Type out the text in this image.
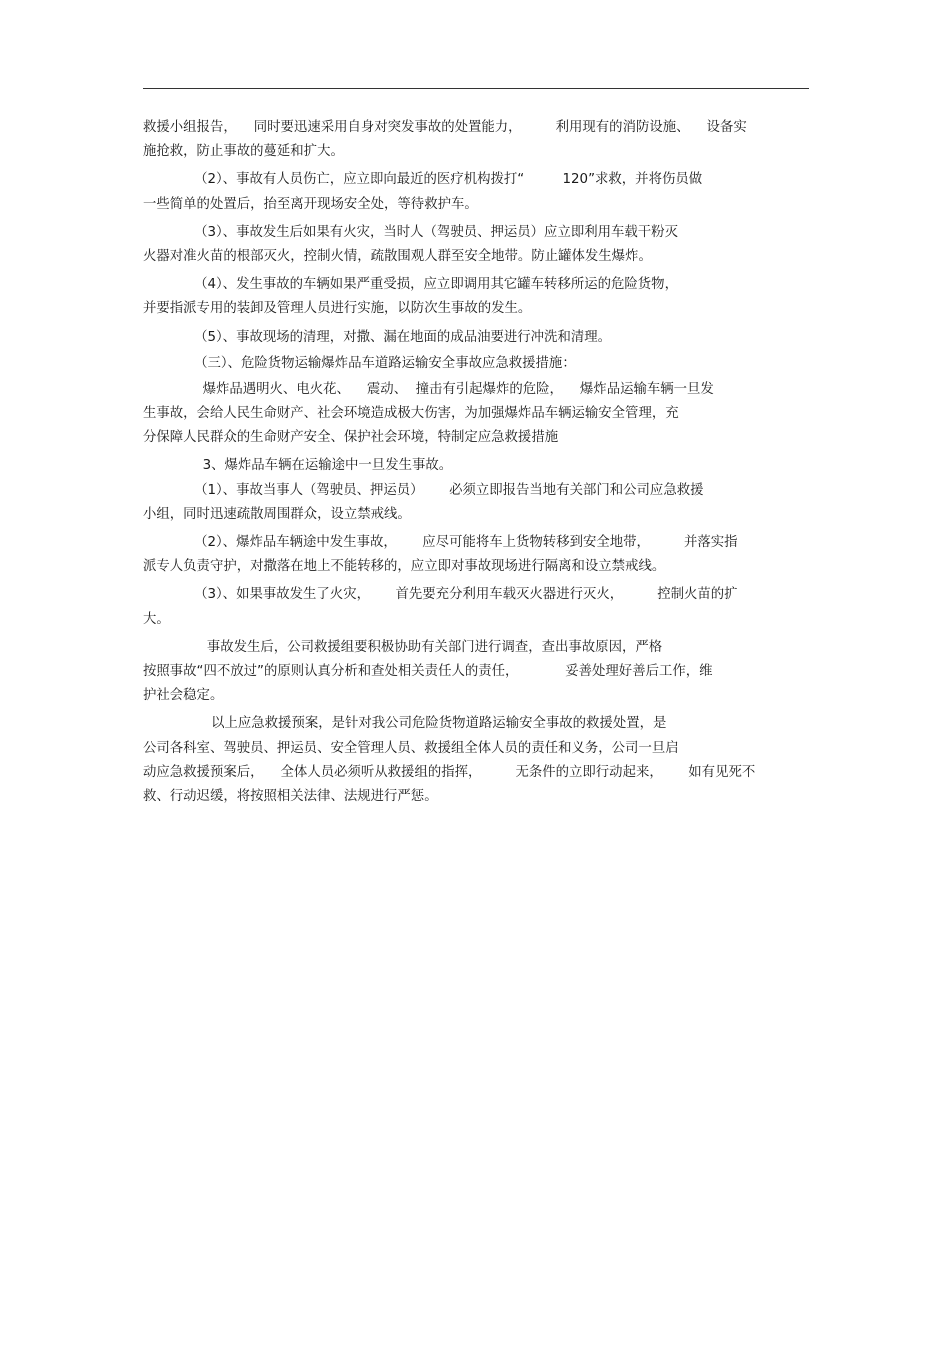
救援小组报告，    同时要迅速采用自身对突发事故的处置能力，        利用现有的消防设施、    设备实
施抢救，防止事故的蔓延和扩大。
（2）、事故有人员伤亡，应立即向最近的医疗机构拨打“         120”求救，并将伤员做
一些简单的处置后，抬至离开现场安全处，等待救护车。
（3）、事故发生后如果有火灾，当时人（驾驶员、押运员）应立即利用车载干粉灭
火器对准火苗的根部灭火，控制火情，疏散围观人群至安全地带。防止罐体发生爆炸。
（4）、发生事故的车辆如果严重受损，应立即调用其它罐车转移所运的危险货物，
并要指派专用的装卸及管理人员进行实施，以防次生事故的发生。
（5）、事故现场的清理，对撒、漏在地面的成品油要进行冲洗和清理。
（三）、危险货物运输爆炸品车道路运输安全事故应急救援措施：
爆炸品遇明火、电火花、    震动、  撞击有引起爆炸的危险，    爆炸品运输车辆一旦发
生事故，会给人民生命财产、社会环境造成极大伤害，为加强爆炸品车辆运输安全管理，充
分保障人民群众的生命财产安全、保护社会环境，特制定应急救援措施
3、爆炸品车辆在运输途中一旦发生事故。
（1）、事故当事人（驾驶员、押运员）      必须立即报告当地有关部门和公司应急救援
小组，同时迅速疏散周围群众，设立禁戒线。
（2）、爆炸品车辆途中发生事故，      应尽可能将车上货物转移到安全地带，        并落实指
派专人负责守护，对撒落在地上不能转移的，应立即对事故现场进行隔离和设立禁戒线。
（3）、如果事故发生了火灾，      首先要充分利用车载灭火器进行灭火，        控制火苗的扩
大。
事故发生后，公司救援组要积极协助有关部门进行调查，查出事故原因，严格
按照事故“四不放过”的原则认真分析和查处相关责任人的责任，           妥善处理好善后工作，维
护社会稳定。
以上应急救援预案，是针对我公司危险货物道路运输安全事故的救援处置，是
公司各科室、驾驶员、押运员、安全管理人员、救援组全体人员的责任和义务，公司一旦启
动应急救援预案后，    全体人员必须听从救援组的指挥，        无条件的立即行动起来，      如有见死不
救、行动迟缓，将按照相关法律、法规进行严惩。
